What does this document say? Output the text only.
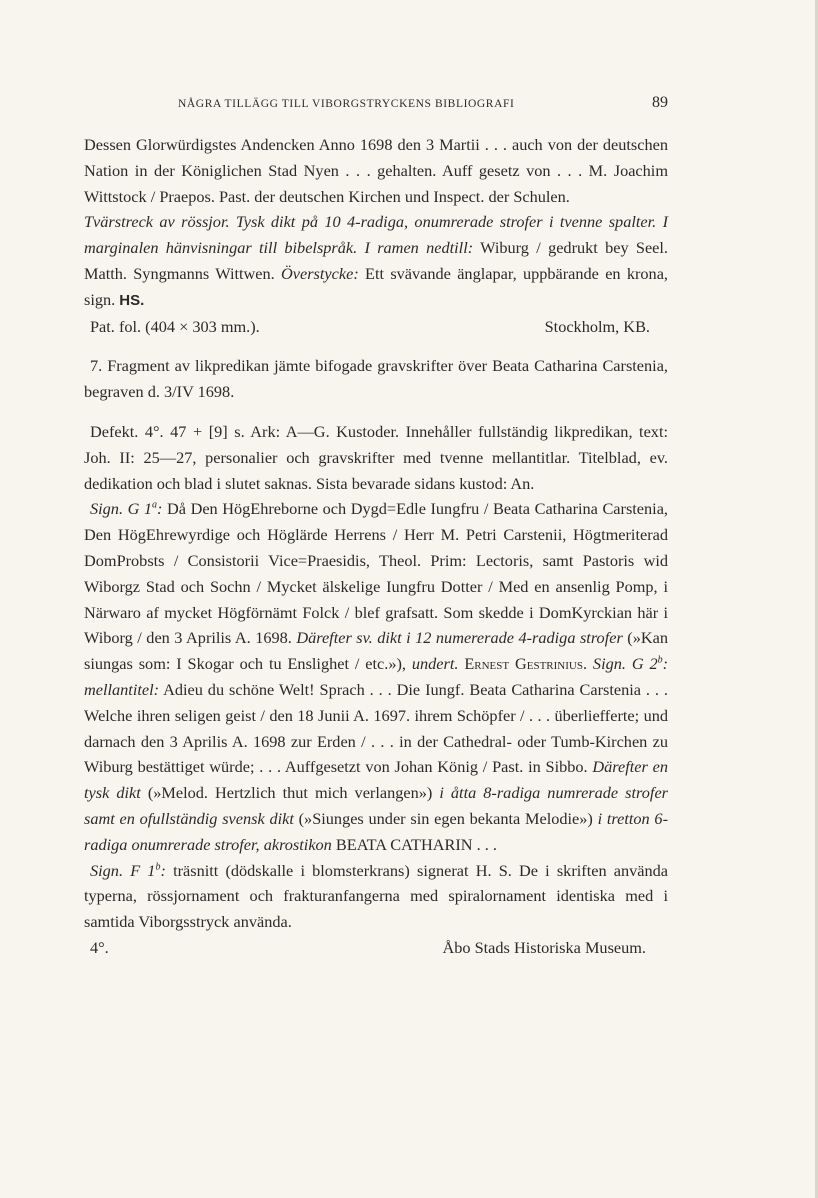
NÅGRA TILLÄGG TILL VIBORGSTRYCKENS BIBLIOGRAFI	89

Dessen Glorwürdigstes Andencken Anno 1698 den 3 Martii . . . auch von der deutschen Nation in der Königlichen Stad Nyen . . . gehalten. Auff gesetz von . . . M. Joachim Wittstock / Praepos. Past. der deutschen Kirchen und Inspect. der Schulen.

Tvärstreck av rössjor. Tysk dikt på 10 4-radiga, onumrerade strofer i tvenne spalter. I marginalen hänvisningar till bibelspråk. I ramen nedtill: Wiburg / gedrukt bey Seel. Matth. Syngmanns Wittwen. Överstycke: Ett svävande änglapar, uppbärande en krona, sign. HS.

Pat. fol. (404 × 303 mm.).	Stockholm, KB.

7. Fragment av likpredikan jämte bifogade gravskrifter över Beata Catharina Carstenia, begraven d. 3/IV 1698.

Defekt. 4°. 47 + [9] s. Ark: A—G. Kustoder. Innehåller fullständig likpredikan, text: Joh. II: 25—27, personalier och gravskrifter med tvenne mellantitlar. Titelblad, ev. dedikation och blad i slutet saknas. Sista bevarade sidans kustod: An.

Sign. G 1$^a$: Då Den HögEhreborne och Dygd=Edle Iungfru / Beata Catharina Carstenia, Den HögEhrewyrdige och Höglärde Herrens / Herr M. Petri Carstenii, Högtmeriterad DomProbsts / Consistorii Vice=Praesidis, Theol. Prim: Lectoris, samt Pastoris wid Wiborgz Stad och Sochn / Mycket älskelige Iungfru Dotter / Med en ansenlig Pomp, i Närwaro af mycket Högförnämt Folck / blef grafsatt. Som skedde i DomKyrckian här i Wiborg / den 3 Aprilis A. 1698. Därefter sv. dikt i 12 numererade 4-radiga strofer (»Kan siungas som: I Skogar och tu Enslighet / etc.»), undert. Ernest Gestrinius. Sign. G 2$^b$: mellantitel: Adieu du schöne Welt! Sprach . . . Die Iungf. Beata Catharina Carstenia . . . Welche ihren seligen geist / den 18 Junii A. 1697. ihrem Schöpfer / . . . überliefferte; und darnach den 3 Aprilis A. 1698 zur Erden / . . . in der Cathedral- oder Tumb-Kirchen zu Wiburg bestättiget würde; . . . Auffgesetzt von Johan König / Past. in Sibbo. Därefter en tysk dikt (»Melod. Hertzlich thut mich verlangen») i åtta 8-radiga numrerade strofer samt en ofullständig svensk dikt (»Siunges under sin egen bekanta Melodie») i tretton 6-radiga onumrerade strofer, akrostikon BEATA CATHARIN . . .

Sign. F 1$^b$: träsnitt (dödskalle i blomsterkrans) signerat H. S. De i skriften använda typerna, rössjornament och frakturanfangerna med spiralornament identiska med i samtida Viborgsstryck använda.

4°.	Åbo Stads Historiska Museum.
